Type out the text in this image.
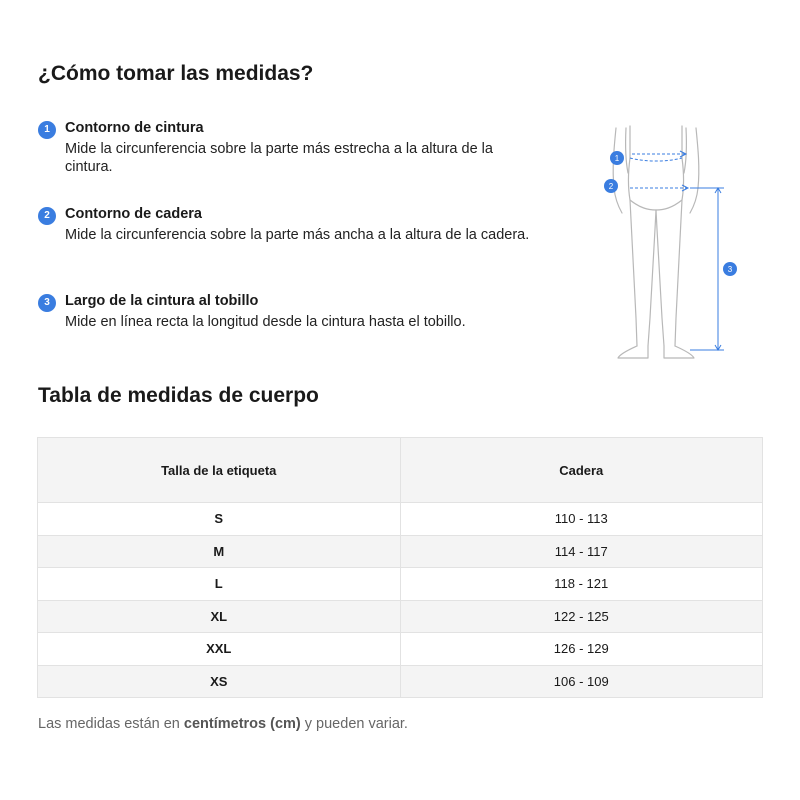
¿Cómo tomar las medidas?
1	Contorno de cintura
Mide la circunferencia sobre la parte más estrecha a la altura de la cintura.
2	Contorno de cadera
Mide la circunferencia sobre la parte más ancha a la altura de la cadera.
3	Largo de la cintura al tobillo
Mide en línea recta la longitud desde la cintura hasta el tobillo.
1
2
3
Tabla de medidas de cuerpo
Talla de la etiqueta	Cadera
S	110 - 113
M	114 - 117
L	118 - 121
XL	122 - 125
XXL	126 - 129
XS	106 - 109
Las medidas están en centímetros (cm) y pueden variar.
